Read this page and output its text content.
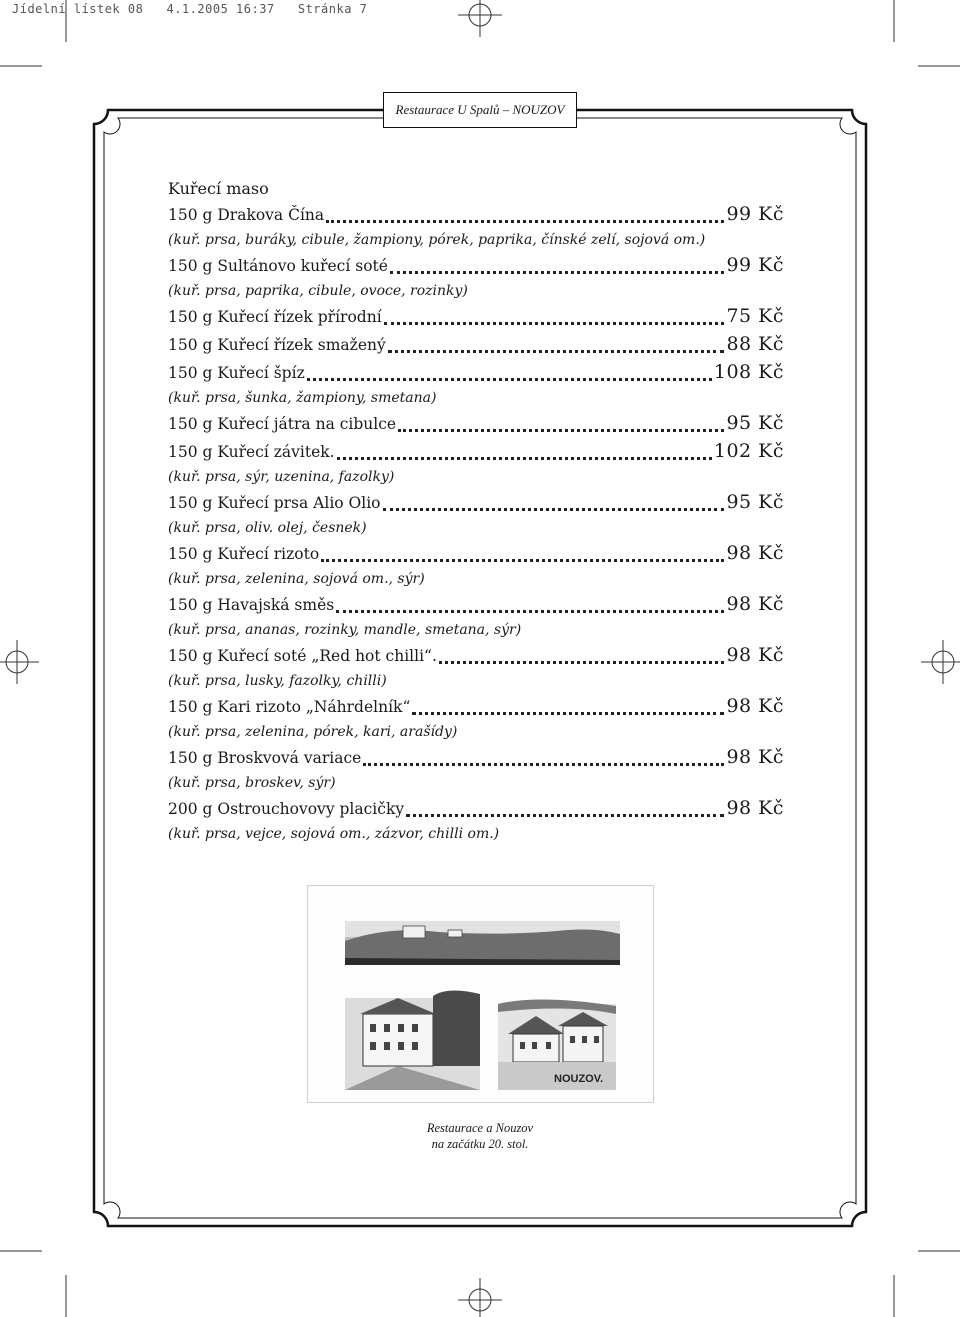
Jídelní lístek 08 4.1.2005 16:37 Stránka 7
Restaurace U Spalů – NOUZOV
Kuřecí maso
150 g Drakova Čína	99 Kč
(kuř. prsa, buráky, cibule, žampiony, pórek, paprika, čínské zelí, sojová om.)
150 g Sultánovo kuřecí soté	99 Kč
(kuř. prsa, paprika, cibule, ovoce, rozinky)
150 g Kuřecí řízek přírodní	75 Kč
150 g Kuřecí řízek smažený	88 Kč
150 g Kuřecí špíz	108 Kč
(kuř. prsa, šunka, žampiony, smetana)
150 g Kuřecí játra na cibulce	95 Kč
150 g Kuřecí závitek.	102 Kč
(kuř. prsa, sýr, uzenina, fazolky)
150 g Kuřecí prsa Alio Olio	95 Kč
(kuř. prsa, oliv. olej, česnek)
150 g Kuřecí rizoto	98 Kč
(kuř. prsa, zelenina, sojová om., sýr)
150 g Havajská směs	98 Kč
(kuř. prsa, ananas, rozinky, mandle, smetana, sýr)
150 g Kuřecí soté „Red hot chilli“.	98 Kč
(kuř. prsa, lusky, fazolky, chilli)
150 g Kari rizoto „Náhrdelník“	98 Kč
(kuř. prsa, zelenina, pórek, kari, arašídy)
150 g Broskvová variace	98 Kč
(kuř. prsa, broskev, sýr)
200 g Ostrouchovovy placičky	98 Kč
(kuř. prsa, vejce, sojová om., zázvor, chilli om.)
NOUZOV.
Restaurace a Nouzov
na začátku 20. stol.
